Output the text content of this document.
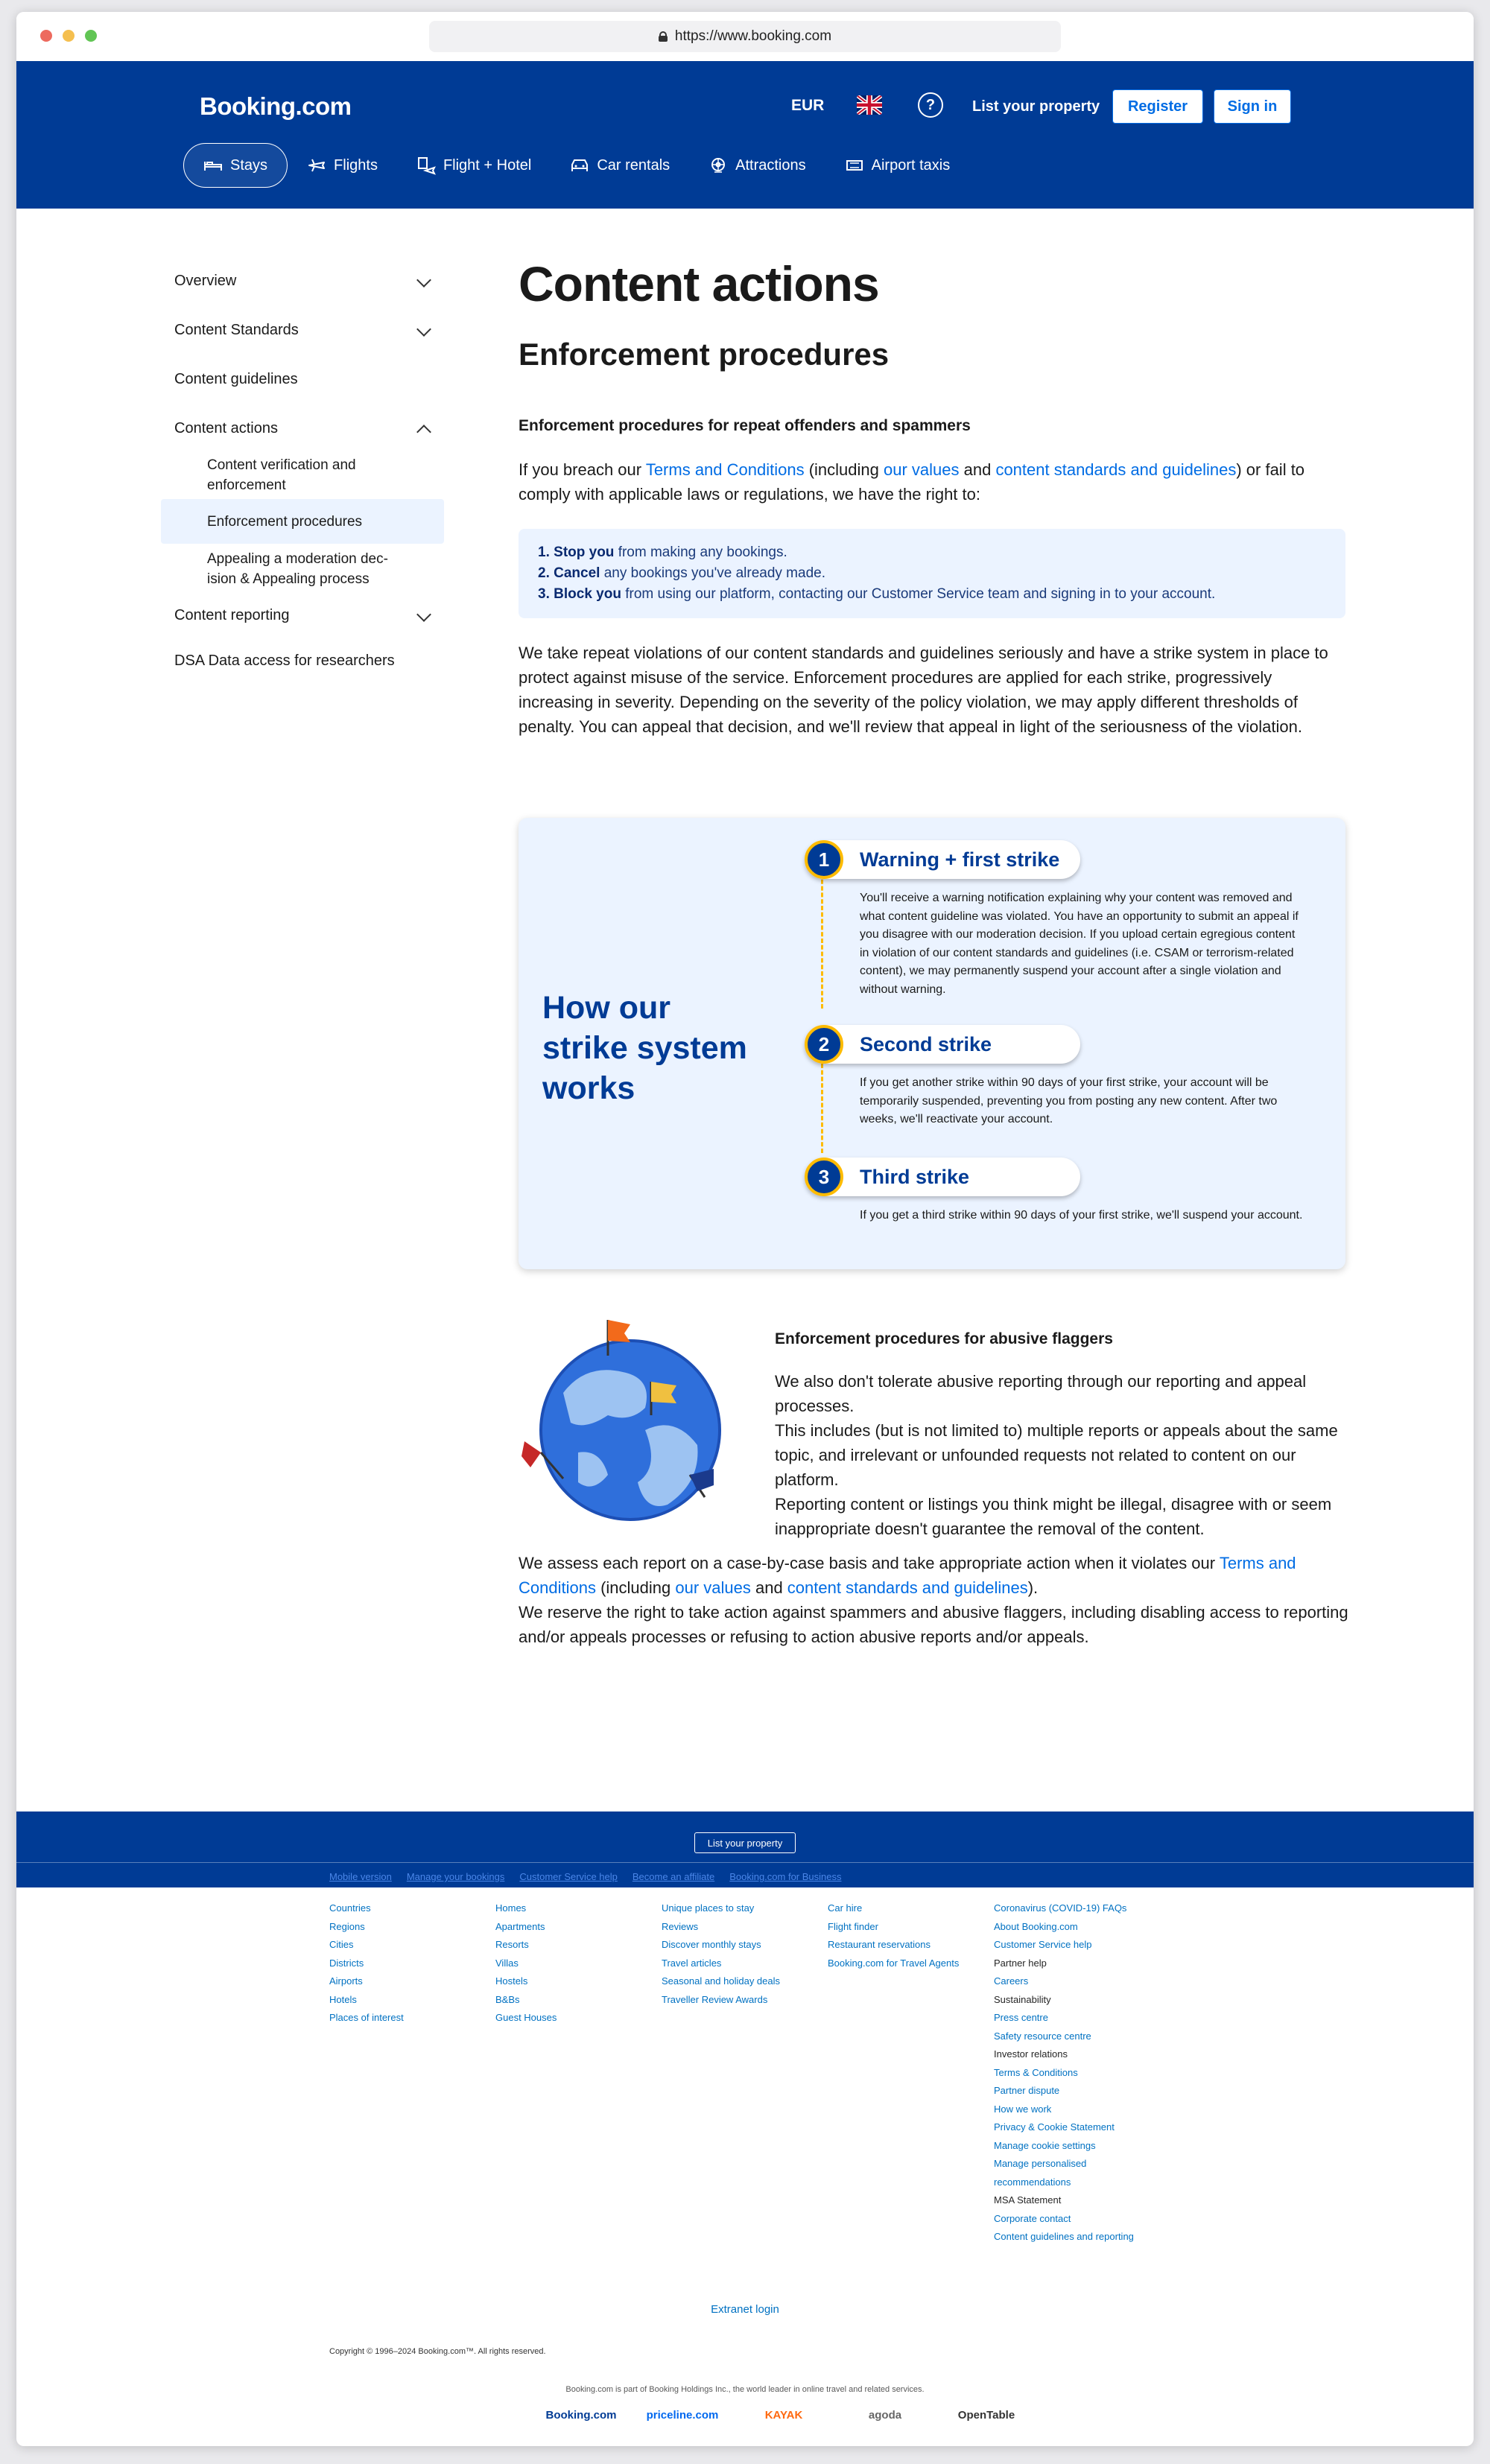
https://www.booking.com
Booking.com	EUR	?	List your property	Register	Sign in
Stays	Flights	Flight + Hotel	Car rentals	Attractions	Airport taxis
Overview
Content Standards
Content guidelines
Content actions
Content verification and
enforcement
Enforcement procedures
Appealing a moderation dec-
ision & Appealing process
Content reporting
DSA Data access for researchers
Content actions
Enforcement procedures
Enforcement procedures for repeat offenders and spammers

If you breach our Terms and Conditions (including our values and content standards and guidelines) or fail to comply with applicable laws or regulations, we have the right to:

1. Stop you from making any bookings.
2. Cancel any bookings you've already made.
3. Block you from using our platform, contacting our Customer Service team and signing in to your account.

We take repeat violations of our content standards and guidelines seriously and have a strike system in place to protect against misuse of the service. Enforcement procedures are applied for each strike, progressively increasing in severity. Depending on the severity of the policy violation, we may apply different thresholds of penalty. You can appeal that decision, and we'll review that appeal in light of the seriousness of the violation.

How our
strike system
works
1	Warning + first strike
You'll receive a warning notification explaining why your content was removed and what content guideline was violated. You have an opportunity to submit an appeal if you disagree with our moderation decision. If you upload certain egregious content in violation of our content standards and guidelines (i.e. CSAM or terrorism-related content), we may permanently suspend your account after a single violation and without warning.
2	Second strike
If you get another strike within 90 days of your first strike, your account will be temporarily suspended, preventing you from posting any new content. After two weeks, we'll reactivate your account.
3	Third strike
If you get a third strike within 90 days of your first strike, we'll suspend your account.
Enforcement procedures for abusive flaggers

We also don't tolerate abusive reporting through our reporting and appeal processes.

This includes (but is not limited to) multiple reports or appeals about the same topic, and irrelevant or unfounded requests not related to content on our platform.

Reporting content or listings you think might be illegal, disagree with or seem inappropriate doesn't guarantee the removal of the content.

We assess each report on a case-by-case basis and take appropriate action when it violates our Terms and Conditions (including our values and content standards and guidelines).

We reserve the right to take action against spammers and abusive flaggers, including disabling access to reporting and/or appeals processes or refusing to action abusive reports and/or appeals.

List your property
Mobile version Manage your bookings Customer Service help Become an affiliate Booking.com for Business
Countries
Regions
Cities
Districts
Airports
Hotels
Places of interest
Homes
Apartments
Resorts
Villas
Hostels
B&Bs
Guest Houses
Unique places to stay
Reviews
Discover monthly stays
Travel articles
Seasonal and holiday deals
Traveller Review Awards
Car hire
Flight finder
Restaurant reservations
Booking.com for Travel Agents
Coronavirus (COVID-19) FAQs
About Booking.com
Customer Service help
Partner help
Careers
Sustainability
Press centre
Safety resource centre
Investor relations
Terms & Conditions
Partner dispute
How we work
Privacy & Cookie Statement
Manage cookie settings
Manage personalised
recommendations
MSA Statement
Corporate contact
Content guidelines and reporting
Extranet login
Copyright © 1996–2024 Booking.com™. All rights reserved.
Booking.com is part of Booking Holdings Inc., the world leader in online travel and related services.
Booking.com	priceline.com	KAYAK	agoda	OpenTable
